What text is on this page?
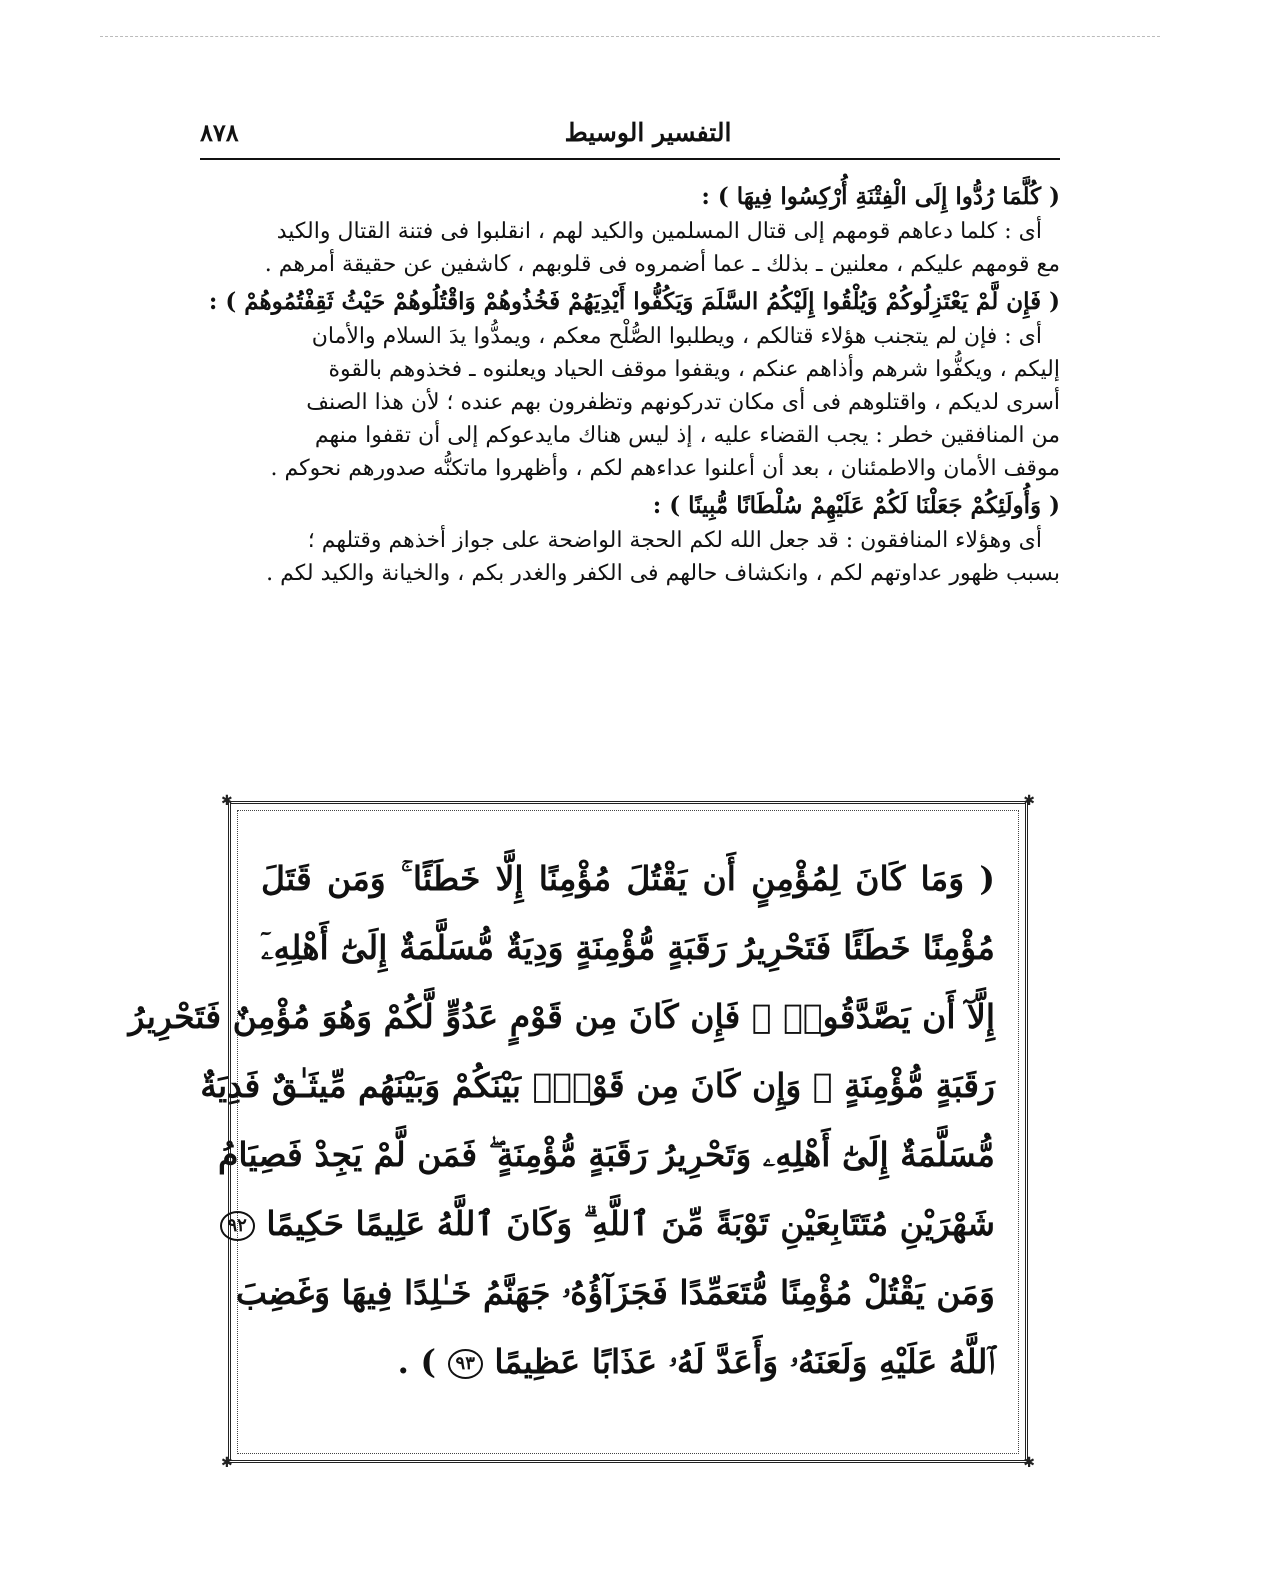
التفسير الوسيط
٨٧٨

( كُلَّمَا رُدُّوا إِلَى الْفِتْنَةِ أُرْكِسُوا فِيهَا ) :

أى : كلما دعاهم قومهم إلى قتال المسلمين والكيد لهم ، انقلبوا فى فتنة القتال والكيد

مع قومهم عليكم ، معلنين ـ بذلك ـ عما أضمروه فى قلوبهم ، كاشفين عن حقيقة أمرهم .

( فَإِن لَّمْ يَعْتَزِلُوكُمْ وَيُلْقُوا إِلَيْكُمُ السَّلَمَ وَيَكُفُّوا أَيْدِيَهُمْ فَخُذُوهُمْ وَاقْتُلُوهُمْ حَيْثُ ثَقِفْتُمُوهُمْ ) :

أى : فإن لم يتجنب هؤلاء قتالكم ، ويطلبوا الصُّلْح معكم ، ويمدُّوا يدَ السلام والأمان

إليكم ، ويكفُّوا شرهم وأذاهم عنكم ، ويقفوا موقف الحياد ويعلنوه ـ فخذوهم بالقوة

أسرى لديكم ، واقتلوهم فى أى مكان تدركونهم وتظفرون بهم عنده ؛ لأن هذا الصنف

من المنافقين خطر : يجب القضاء عليه ، إذ ليس هناك مايدعوكم إلى أن تقفوا منهم

موقف الأمان والاطمئنان ، بعد أن أعلنوا عداءهم لكم ، وأظهروا ماتكنُّه صدورهم نحوكم .

( وَأُولَئِكُمْ جَعَلْنَا لَكُمْ عَلَيْهِمْ سُلْطَانًا مُّبِينًا ) :

أى وهؤلاء المنافقون : قد جعل الله لكم الحجة الواضحة على جواز أخذهم وقتلهم ؛

بسبب ظهور عداوتهم لكم ، وانكشاف حالهم فى الكفر والغدر بكم ، والخيانة والكيد لكم .

✱	✱
✱	✱
( وَمَا كَانَ لِمُؤْمِنٍ أَن يَقْتُلَ مُؤْمِنًا إِلَّا خَطَئًا ۚ وَمَن قَتَلَ
مُؤْمِنًا خَطَئًا فَتَحْرِيرُ رَقَبَةٍ مُّؤْمِنَةٍ وَدِيَةٌ مُّسَلَّمَةٌ إِلَىٰٓ أَهْلِهِۦٓ
إِلَّآ أَن يَصَّدَّقُوا۟ ۚ فَإِن كَانَ مِن قَوْمٍ عَدُوٍّ لَّكُمْ وَهُوَ مُؤْمِنٌ فَتَحْرِيرُ
رَقَبَةٍ مُّؤْمِنَةٍ ۖ وَإِن كَانَ مِن قَوْمٍۭ بَيْنَكُمْ وَبَيْنَهُم مِّيثَـٰقٌ فَدِيَةٌ
مُّسَلَّمَةٌ إِلَىٰٓ أَهْلِهِۦ وَتَحْرِيرُ رَقَبَةٍ مُّؤْمِنَةٍ ۖ فَمَن لَّمْ يَجِدْ فَصِيَامُ
شَهْرَيْنِ مُتَتَابِعَيْنِ تَوْبَةً مِّنَ ٱللَّهِ ۗ وَكَانَ ٱللَّهُ عَلِيمًا حَكِيمًا ٩٢
وَمَن يَقْتُلْ مُؤْمِنًا مُّتَعَمِّدًا فَجَزَآؤُهُۥ جَهَنَّمُ خَـٰلِدًا فِيهَا وَغَضِبَ
ٱللَّهُ عَلَيْهِ وَلَعَنَهُۥ وَأَعَدَّ لَهُۥ عَذَابًا عَظِيمًا ٩٣ ) .
